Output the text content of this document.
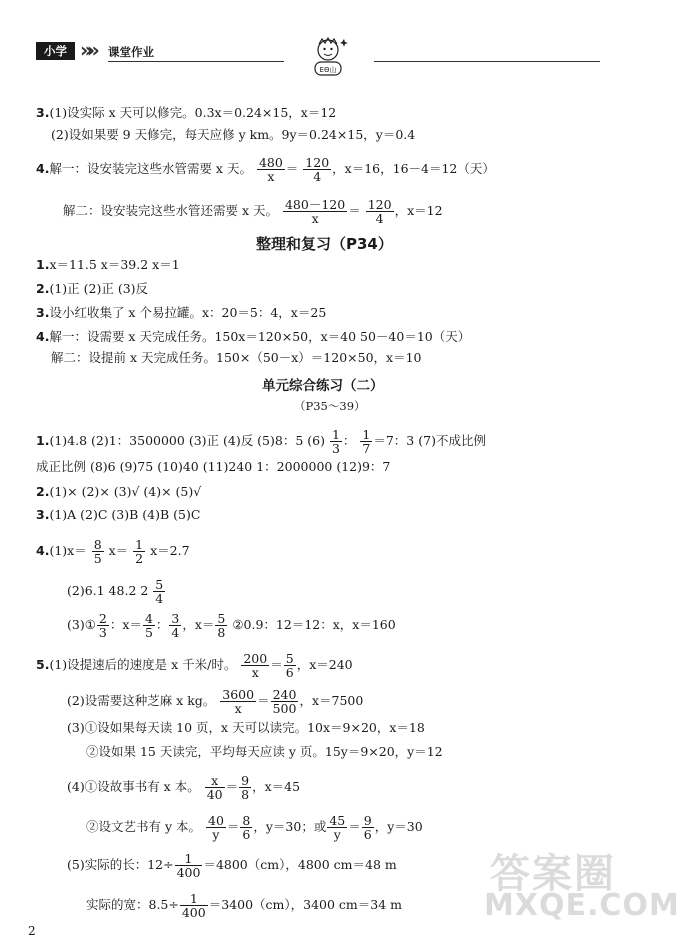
小学 »» 课堂作业
ΕΘ山
3.(1)设实际 x 天可以修完。0.3x＝0.24×15，x＝12
(2)设如果要 9 天修完，每天应修 y km。9y＝0.24×15，y＝0.4
4.解一：设安装完这些水管需要 x 天。 $\frac{480}{x} = \frac{120}{4}$ ，x＝16，16－4＝12（天）
解二：设安装完这些水管还需要 x 天。 $\frac{480-120}{x} = \frac{120}{4}$ ，x＝12
整理和复习（P34）
1.x＝11.5 x＝39.2 x＝1
2.(1)正 (2)正 (3)反
3.设小红收集了 x 个易拉罐。x：20＝5：4，x＝25
4.解一：设需要 x 天完成任务。150x＝120×50，x＝40 50－40＝10（天）
解二：设提前 x 天完成任务。150×（50－x）＝120×50，x＝10
单元综合练习（二）
（P35～39）
1.(1)4.8 (2)1：3500000 (3)正 (4)反 (5)8：5 $(6) \frac{1}{3}$ ： $\frac{1}{7} =7$：3 (7)不成比例
成正比例 (8)6 (9)75 (10)40 (11)240 1：2000000 (12)9：7
2.(1)× (2)× (3)√ (4)× (5)√
3.(1)A (2)C (3)B (4)B (5)C
$4.(1)x= \frac{8}{5} x= \frac{1}{2} x=2.7$
(2)6.1 48.2 $2 \frac{5}{4}$
(3)① $\frac{2}{3}$ ：$x= \frac{4}{5}$ ： $\frac{3}{4}$ ，$x= \frac{5}{8}$ ②0.9：12＝12：x，x＝160
5.(1)设提速后的速度是 x 千米/时。 $\frac{200}{x} = \frac{5}{6}$ ，x＝240
(2)设需要这种芝麻 x kg。 $\frac{3600}{x} = \frac{240}{500}$ ，x＝7500
(3)①设如果每天读 10 页，x 天可以读完。10x＝9×20，x＝18
②设如果 15 天读完，平均每天应读 y 页。15y＝9×20，y＝12
(4)①设故事书有 x 本。 $\frac{x}{40} = \frac{9}{8}$ ，x＝45
②设文艺书有 y 本。 $\frac{40}{y} = \frac{8}{6}$ ，y＝30；或 $\frac{45}{y} = \frac{9}{6}$ ，y＝30
(5)实际的长：$12\div \frac{1}{400} =4800(cm)$，4800 cm＝48 m
实际的宽：$8.5\div \frac{1}{400} =3400(cm)$，3400 cm＝34 m
2
答案圈
MXQE.COM
